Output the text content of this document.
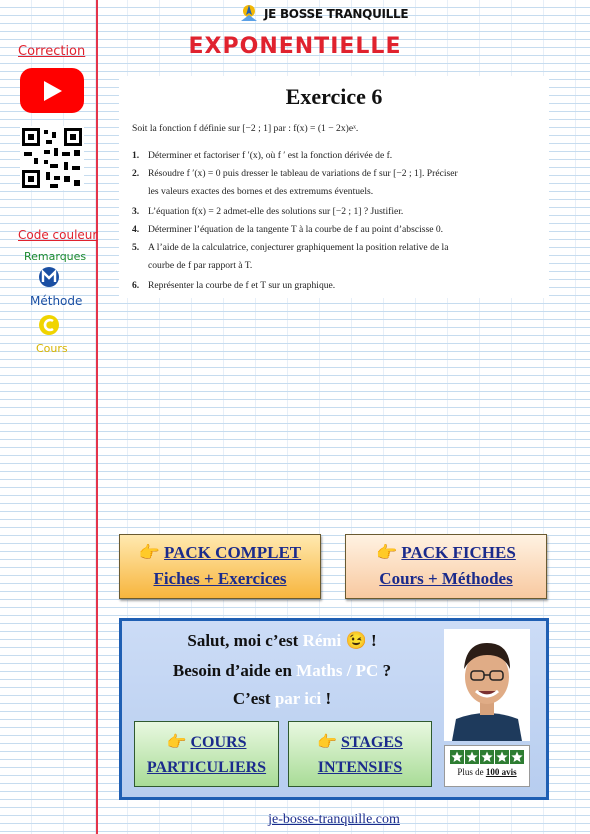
JE BOSSE TRANQUILLE
EXPONENTIELLE
Correction
Code couleur
Remarques
Méthode
Cours
Exercice 6
Soit la fonction f définie sur [−2 ; 1] par : f(x) = (1 − 2x)eˣ.
1. Déterminer et factoriser f ′(x), où f ′ est la fonction dérivée de f.
2. Résoudre f ′(x) = 0 puis dresser le tableau de variations de f sur [−2 ; 1]. Préciser
les valeurs exactes des bornes et des extremums éventuels.
3. L’équation f(x) = 2 admet-elle des solutions sur [−2 ; 1] ? Justifier.
4. Déterminer l’équation de la tangente T à la courbe de f au point d’abscisse 0.
5. A l’aide de la calculatrice, conjecturer graphiquement la position relative de la
courbe de f par rapport à T.
6. Représenter la courbe de f et T sur un graphique.
👉 PACK COMPLET
Fiches + Exercices
👉 PACK FICHES
Cours + Méthodes
Salut, moi c’est Rémi 😉 !
Besoin d’aide en Maths / PC ?
C’est par ici !
👉 COURS
PARTICULIERS
👉 STAGES
INTENSIFS	Plus de 100 avis
je-bosse-tranquille.com
